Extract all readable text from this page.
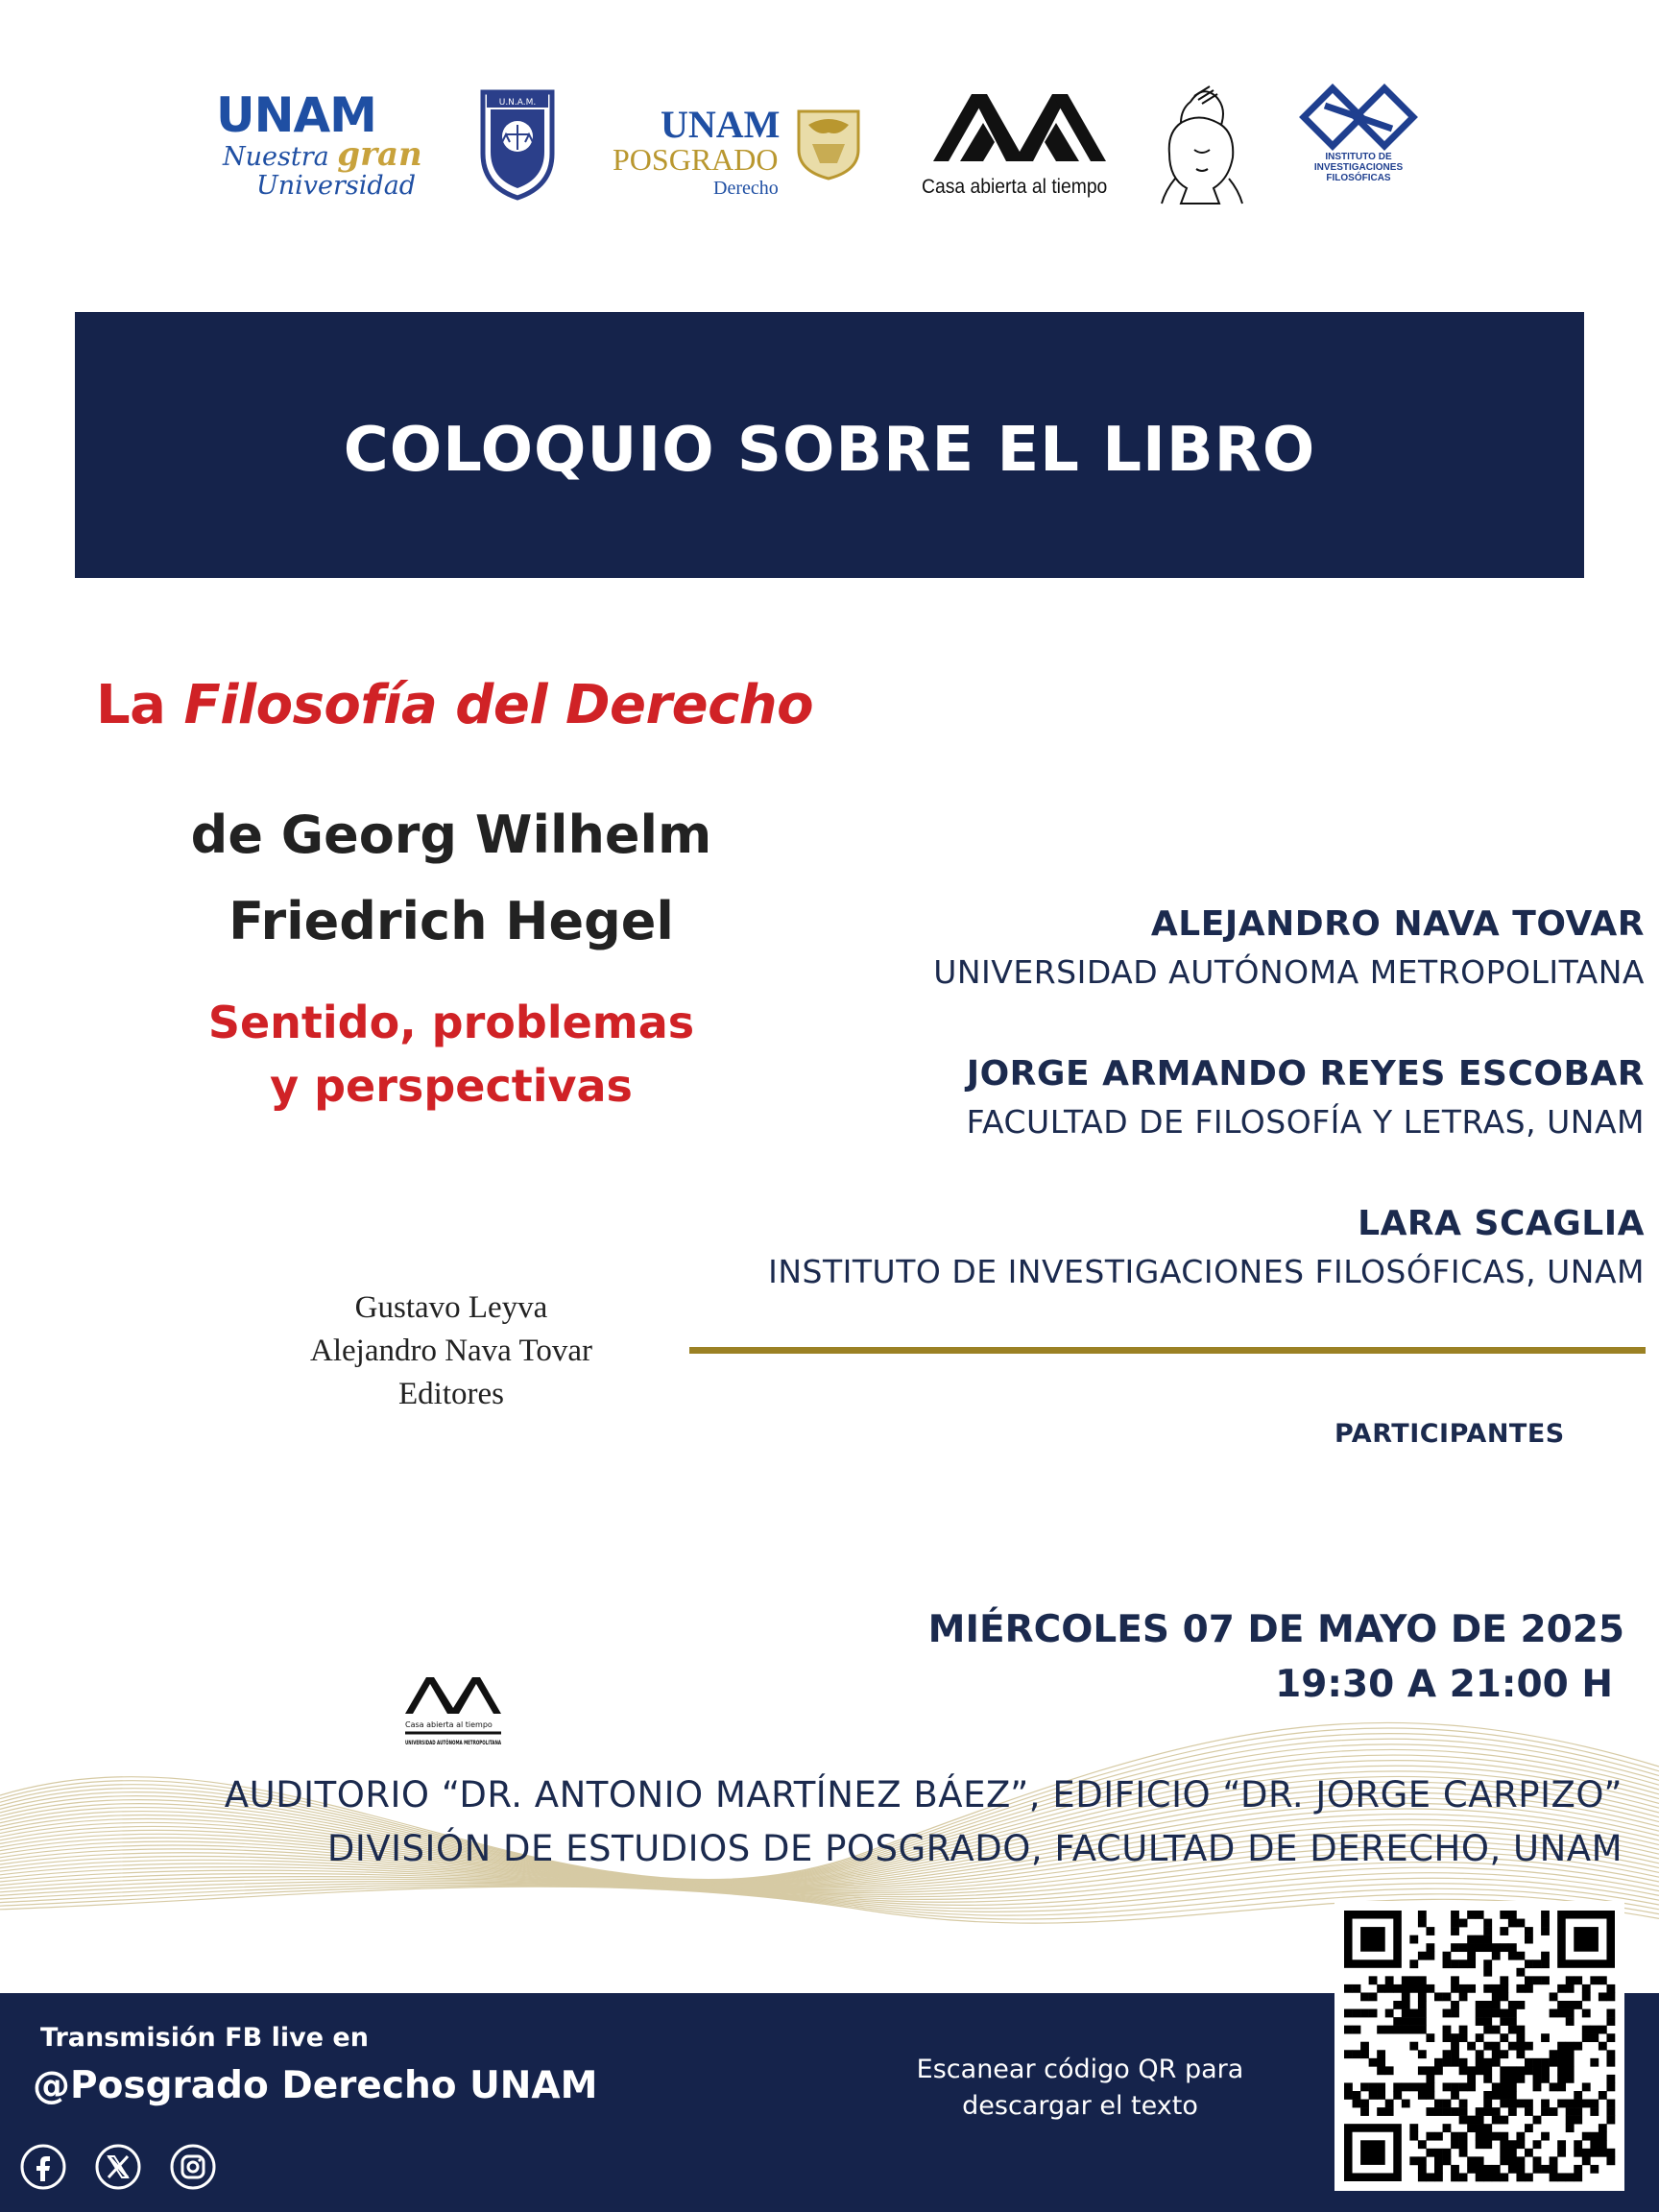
UNAM
Nuestra gran
Universidad
U.N.A.M.	UNAM
POSGRADO
Derecho	Casa abierta al tiempo
INSTITUTO DE INVESTIGACIONES FILOSÓFICAS
COLOQUIO SOBRE EL LIBRO
La Filosofía del Derecho
de Georg Wilhelm
Friedrich Hegel
Sentido, problemas
y perspectivas
Gustavo Leyva
Alejandro Nava Tovar
Editores
Casa abierta al tiempo
UNIVERSIDAD AUTÓNOMA METROPOLITANA
ALEJANDRO NAVA TOVAR
UNIVERSIDAD AUTÓNOMA METROPOLITANA
JORGE ARMANDO REYES ESCOBAR
FACULTAD DE FILOSOFÍA Y LETRAS, UNAM
LARA SCAGLIA
INSTITUTO DE INVESTIGACIONES FILOSÓFICAS, UNAM
PARTICIPANTES
MIÉRCOLES 07 DE MAYO DE 2025
19:30 A 21:00 H
AUDITORIO “DR. ANTONIO MARTÍNEZ BÁEZ”, EDIFICIO “DR. JORGE CARPIZO”
DIVISIÓN DE ESTUDIOS DE POSGRADO, FACULTAD DE DERECHO, UNAM
Transmisión FB live en
@Posgrado Derecho UNAM	Escanear código QR para
descargar el texto
